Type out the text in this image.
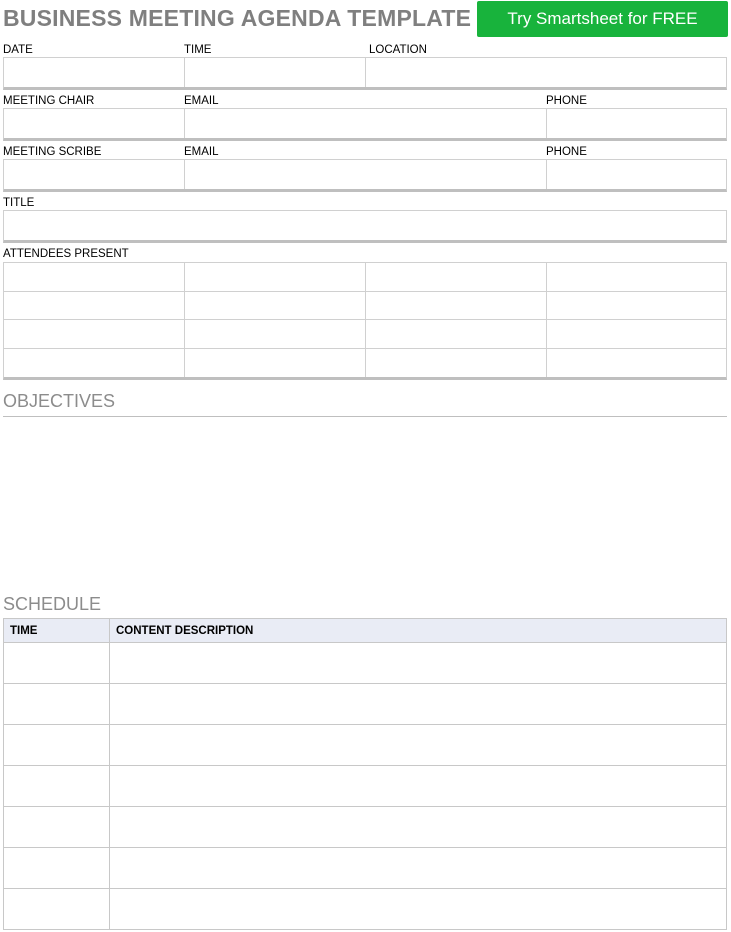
BUSINESS MEETING AGENDA TEMPLATE	Try Smartsheet for FREE
DATE	TIME	LOCATION
MEETING CHAIR	EMAIL	PHONE
MEETING SCRIBE	EMAIL	PHONE
TITLE
ATTENDEES PRESENT
OBJECTIVES
SCHEDULE
TIME	CONTENT DESCRIPTION
